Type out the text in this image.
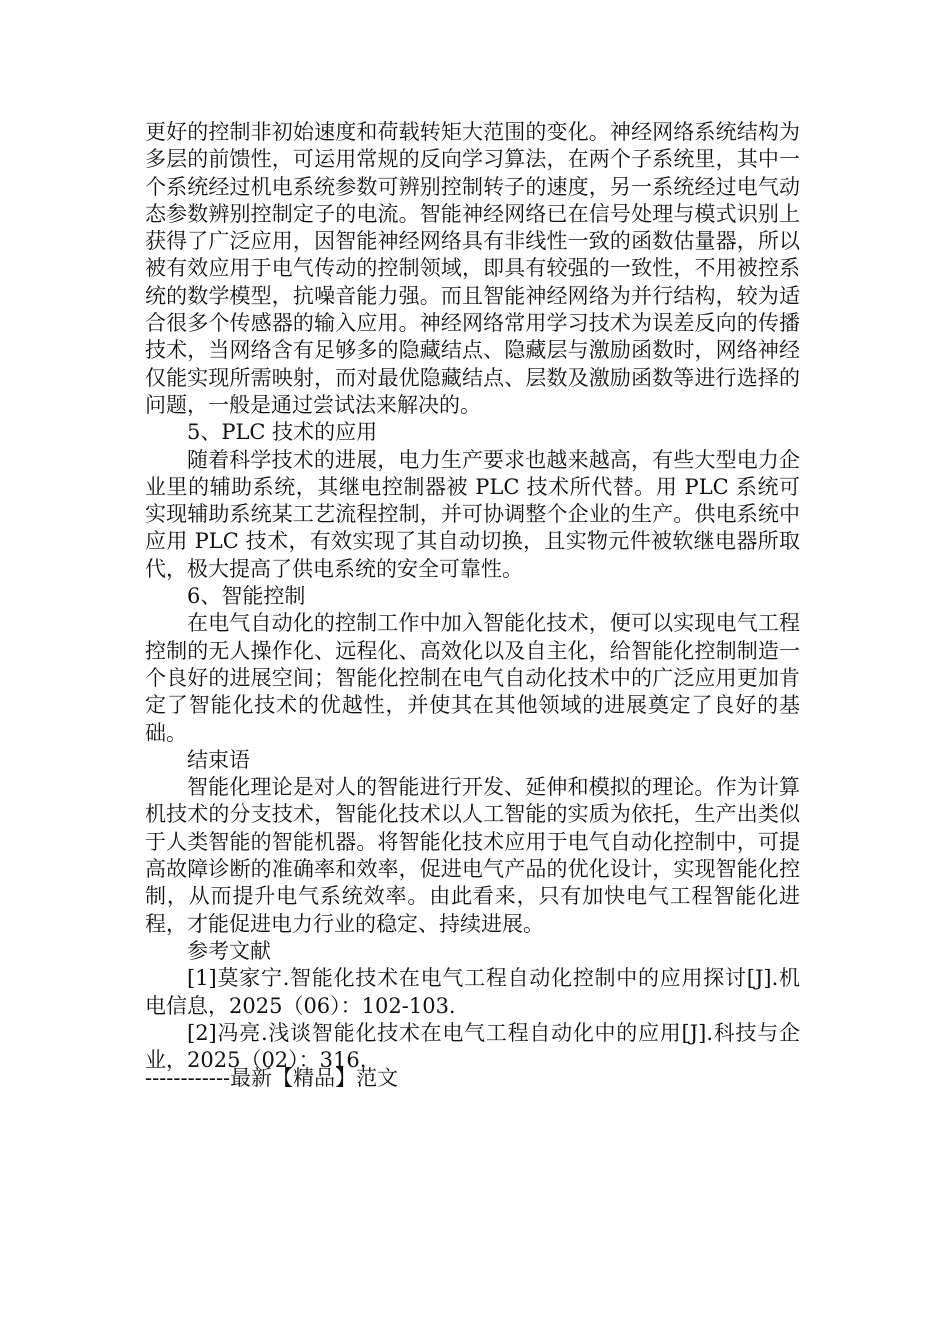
更好的控制非初始速度和荷载转矩大范围的变化。神经网络系统结构为多层的前馈性，可运用常规的反向学习算法，在两个子系统里，其中一个系统经过机电系统参数可辨别控制转子的速度，另一系统经过电气动态参数辨别控制定子的电流。智能神经网络已在信号处理与模式识别上获得了广泛应用，因智能神经网络具有非线性一致的函数估量器，所以被有效应用于电气传动的控制领域，即具有较强的一致性，不用被控系统的数学模型，抗噪音能力强。而且智能神经网络为并行结构，较为适合很多个传感器的输入应用。神经网络常用学习技术为误差反向的传播技术，当网络含有足够多的隐藏结点、隐藏层与激励函数时，网络神经仅能实现所需映射，而对最优隐藏结点、层数及激励函数等进行选择的问题，一般是通过尝试法来解决的。

5、PLC 技术的应用

随着科学技术的进展，电力生产要求也越来越高，有些大型电力企业里的辅助系统，其继电控制器被 PLC 技术所代替。用 PLC 系统可实现辅助系统某工艺流程控制，并可协调整个企业的生产。供电系统中应用 PLC 技术，有效实现了其自动切换，且实物元件被软继电器所取代，极大提高了供电系统的安全可靠性。

6、智能控制

在电气自动化的控制工作中加入智能化技术，便可以实现电气工程控制的无人操作化、远程化、高效化以及自主化，给智能化控制制造一个良好的进展空间；智能化控制在电气自动化技术中的广泛应用更加肯定了智能化技术的优越性，并使其在其他领域的进展奠定了良好的基础。

结束语

智能化理论是对人的智能进行开发、延伸和模拟的理论。作为计算机技术的分支技术，智能化技术以人工智能的实质为依托，生产出类似于人类智能的智能机器。将智能化技术应用于电气自动化控制中，可提高故障诊断的准确率和效率，促进电气产品的优化设计，实现智能化控制，从而提升电气系统效率。由此看来，只有加快电气工程智能化进程，才能促进电力行业的稳定、持续进展。

参考文献

[1]莫家宁.智能化技术在电气工程自动化控制中的应用探讨[J].机电信息，2025（06）：102-103.

[2]冯亮.浅谈智能化技术在电气工程自动化中的应用[J].科技与企业，2025（02）：316.

------------最新【精品】范文
